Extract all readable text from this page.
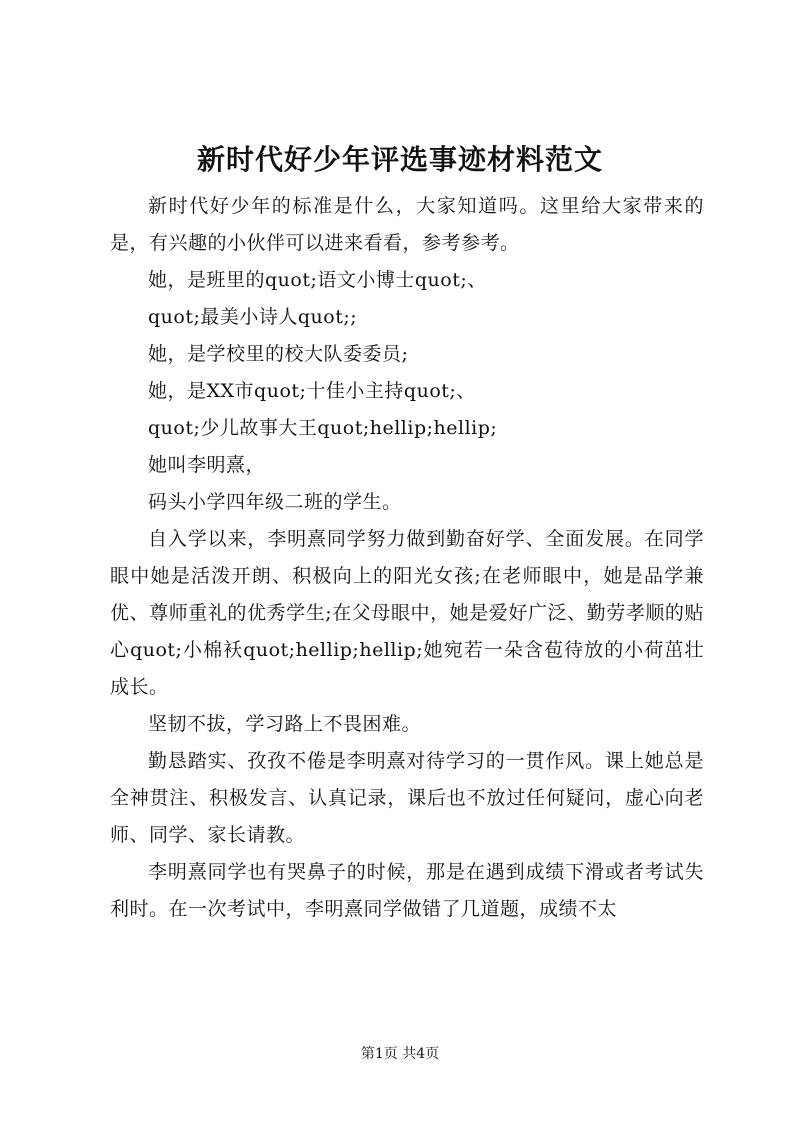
新时代好少年评选事迹材料范文

新时代好少年的标准是什么，大家知道吗。这里给大家带来的是，有兴趣的小伙伴可以进来看看，参考参考。

她，是班里的quot;语文小博士quot;、

quot;最美小诗人quot;;

她，是学校里的校大队委委员;

她，是XX市quot;十佳小主持quot;、

quot;少儿故事大王quot;hellip;hellip;

她叫李明熹，

码头小学四年级二班的学生。

自入学以来，李明熹同学努力做到勤奋好学、全面发展。在同学眼中她是活泼开朗、积极向上的阳光女孩;在老师眼中，她是品学兼优、尊师重礼的优秀学生;在父母眼中，她是爱好广泛、勤劳孝顺的贴心quot;小棉袄quot;hellip;hellip;她宛若一朵含苞待放的小荷茁壮成长。

坚韧不拔，学习路上不畏困难。

勤恳踏实、孜孜不倦是李明熹对待学习的一贯作风。课上她总是全神贯注、积极发言、认真记录，课后也不放过任何疑问，虚心向老师、同学、家长请教。

李明熹同学也有哭鼻子的时候，那是在遇到成绩下滑或者考试失利时。在一次考试中，李明熹同学做错了几道题，成绩不太

第1页 共4页
